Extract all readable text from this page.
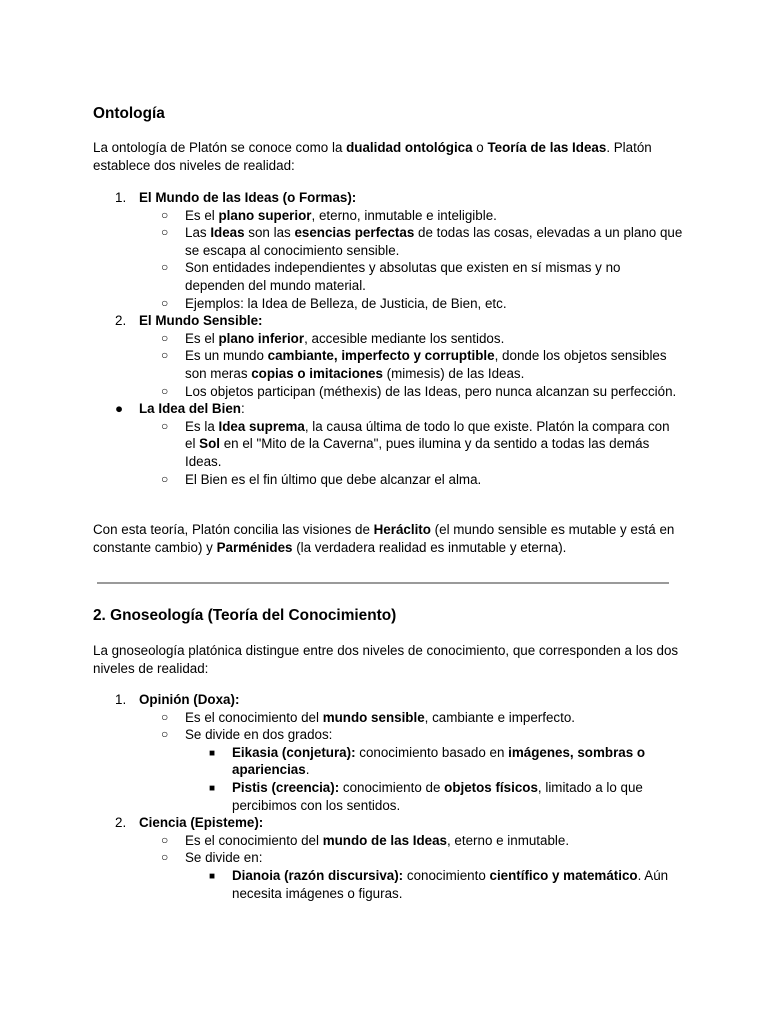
Ontología

La ontología de Platón se conoce como la dualidad ontológica o Teoría de las Ideas. Platón establece dos niveles de realidad:

1. El Mundo de las Ideas (o Formas):
○ Es el plano superior, eterno, inmutable e inteligible.
○ Las Ideas son las esencias perfectas de todas las cosas, elevadas a un plano que se escapa al conocimiento sensible.
○ Son entidades independientes y absolutas que existen en sí mismas y no dependen del mundo material.
○ Ejemplos: la Idea de Belleza, de Justicia, de Bien, etc.
2. El Mundo Sensible:
○ Es el plano inferior, accesible mediante los sentidos.
○ Es un mundo cambiante, imperfecto y corruptible, donde los objetos sensibles son meras copias o imitaciones (mimesis) de las Ideas.
○ Los objetos participan (méthexis) de las Ideas, pero nunca alcanzan su perfección.
●	La Idea del Bien:
○ Es la Idea suprema, la causa última de todo lo que existe. Platón la compara con el Sol en el "Mito de la Caverna", pues ilumina y da sentido a todas las demás Ideas.
○ El Bien es el fin último que debe alcanzar el alma.

Con esta teoría, Platón concilia las visiones de Heráclito (el mundo sensible es mutable y está en constante cambio) y Parménides (la verdadera realidad es inmutable y eterna).

2. Gnoseología (Teoría del Conocimiento)

La gnoseología platónica distingue entre dos niveles de conocimiento, que corresponden a los dos niveles de realidad:

1. Opinión (Doxa):
○ Es el conocimiento del mundo sensible, cambiante e imperfecto.
○ Se divide en dos grados:
■ Eikasia (conjetura): conocimiento basado en imágenes, sombras o apariencias.
■ Pistis (creencia): conocimiento de objetos físicos, limitado a lo que percibimos con los sentidos.
2. Ciencia (Episteme):
○ Es el conocimiento del mundo de las Ideas, eterno e inmutable.
○ Se divide en:
■ Dianoia (razón discursiva): conocimiento científico y matemático. Aún necesita imágenes o figuras.
